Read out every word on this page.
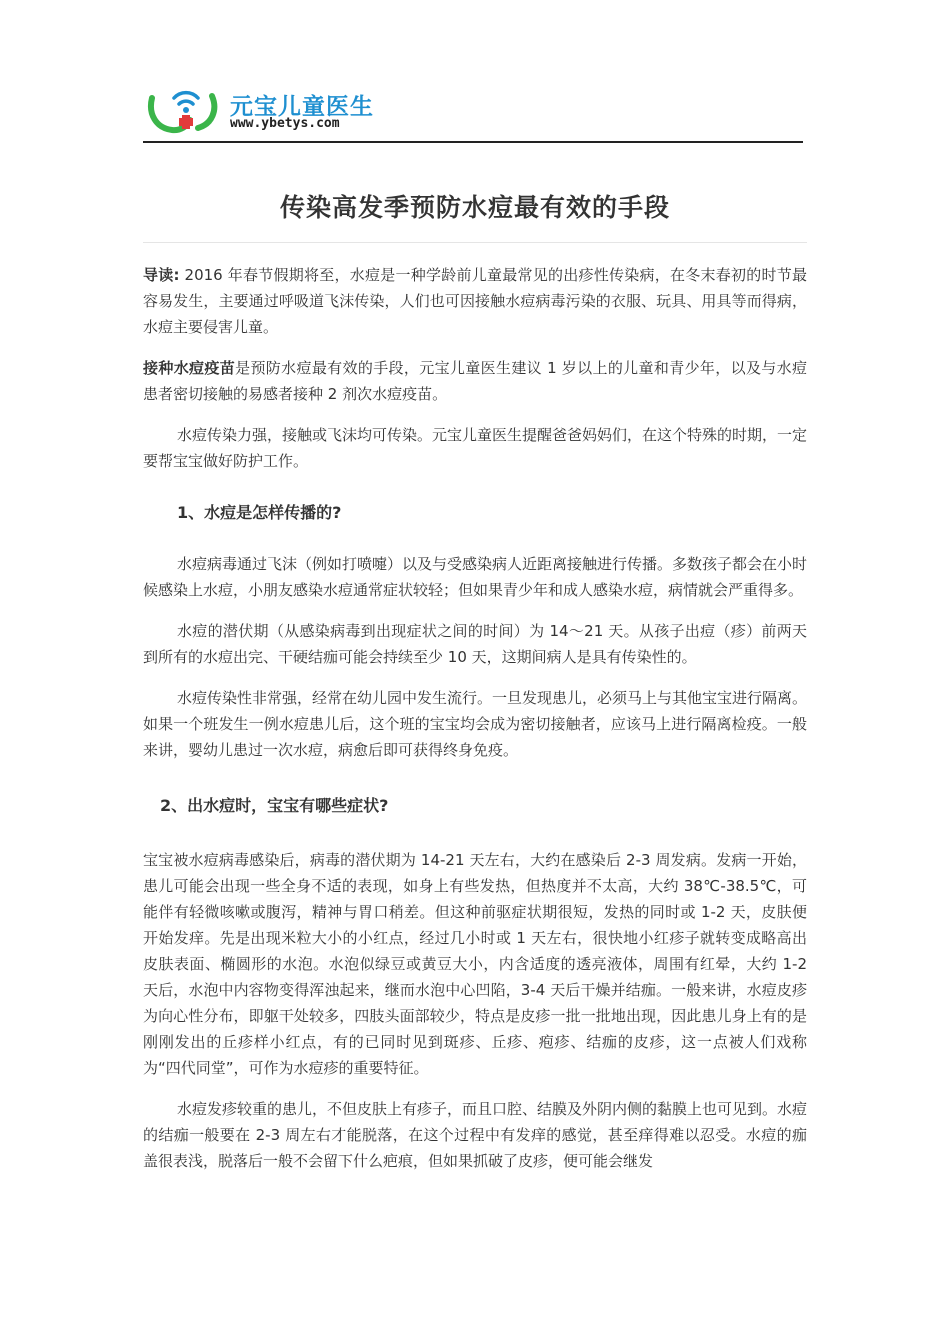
元宝儿童医生
www.ybetys.com
传染高发季预防水痘最有效的手段

导读: 2016 年春节假期将至，水痘是一种学龄前儿童最常见的出疹性传染病，在冬末春初的时节最容易发生，主要通过呼吸道飞沫传染，人们也可因接触水痘病毒污染的衣服、玩具、用具等而得病，水痘主要侵害儿童。

接种水痘疫苗是预防水痘最有效的手段，元宝儿童医生建议 1 岁以上的儿童和青少年，以及与水痘患者密切接触的易感者接种 2 剂次水痘疫苗。

水痘传染力强，接触或飞沫均可传染。元宝儿童医生提醒爸爸妈妈们，在这个特殊的时期，一定要帮宝宝做好防护工作。

1、水痘是怎样传播的?

水痘病毒通过飞沫（例如打喷嚏）以及与受感染病人近距离接触进行传播。多数孩子都会在小时候感染上水痘，小朋友感染水痘通常症状较轻；但如果青少年和成人感染水痘，病情就会严重得多。

水痘的潜伏期（从感染病毒到出现症状之间的时间）为 14～21 天。从孩子出痘（疹）前两天到所有的水痘出完、干硬结痂可能会持续至少 10 天，这期间病人是具有传染性的。

水痘传染性非常强，经常在幼儿园中发生流行。一旦发现患儿，必须马上与其他宝宝进行隔离。如果一个班发生一例水痘患儿后，这个班的宝宝均会成为密切接触者，应该马上进行隔离检疫。一般来讲，婴幼儿患过一次水痘，病愈后即可获得终身免疫。

2、出水痘时，宝宝有哪些症状?

宝宝被水痘病毒感染后，病毒的潜伏期为 14-21 天左右，大约在感染后 2-3 周发病。发病一开始，患儿可能会出现一些全身不适的表现，如身上有些发热，但热度并不太高，大约 38℃-38.5℃，可能伴有轻微咳嗽或腹泻，精神与胃口稍差。但这种前驱症状期很短，发热的同时或 1-2 天，皮肤便开始发痒。先是出现米粒大小的小红点，经过几小时或 1 天左右，很快地小红疹子就转变成略高出皮肤表面、椭圆形的水泡。水泡似绿豆或黄豆大小，内含适度的透亮液体，周围有红晕，大约 1-2 天后，水泡中内容物变得浑浊起来，继而水泡中心凹陷，3-4 天后干燥并结痂。一般来讲，水痘皮疹为向心性分布，即躯干处较多，四肢头面部较少，特点是皮疹一批一批地出现，因此患儿身上有的是刚刚发出的丘疹样小红点，有的已同时见到斑疹、丘疹、疱疹、结痂的皮疹，这一点被人们戏称为“四代同堂”，可作为水痘疹的重要特征。

水痘发疹较重的患儿，不但皮肤上有疹子，而且口腔、结膜及外阴内侧的黏膜上也可见到。水痘的结痂一般要在 2-3 周左右才能脱落，在这个过程中有发痒的感觉，甚至痒得难以忍受。水痘的痂盖很表浅，脱落后一般不会留下什么疤痕，但如果抓破了皮疹，便可能会继发
